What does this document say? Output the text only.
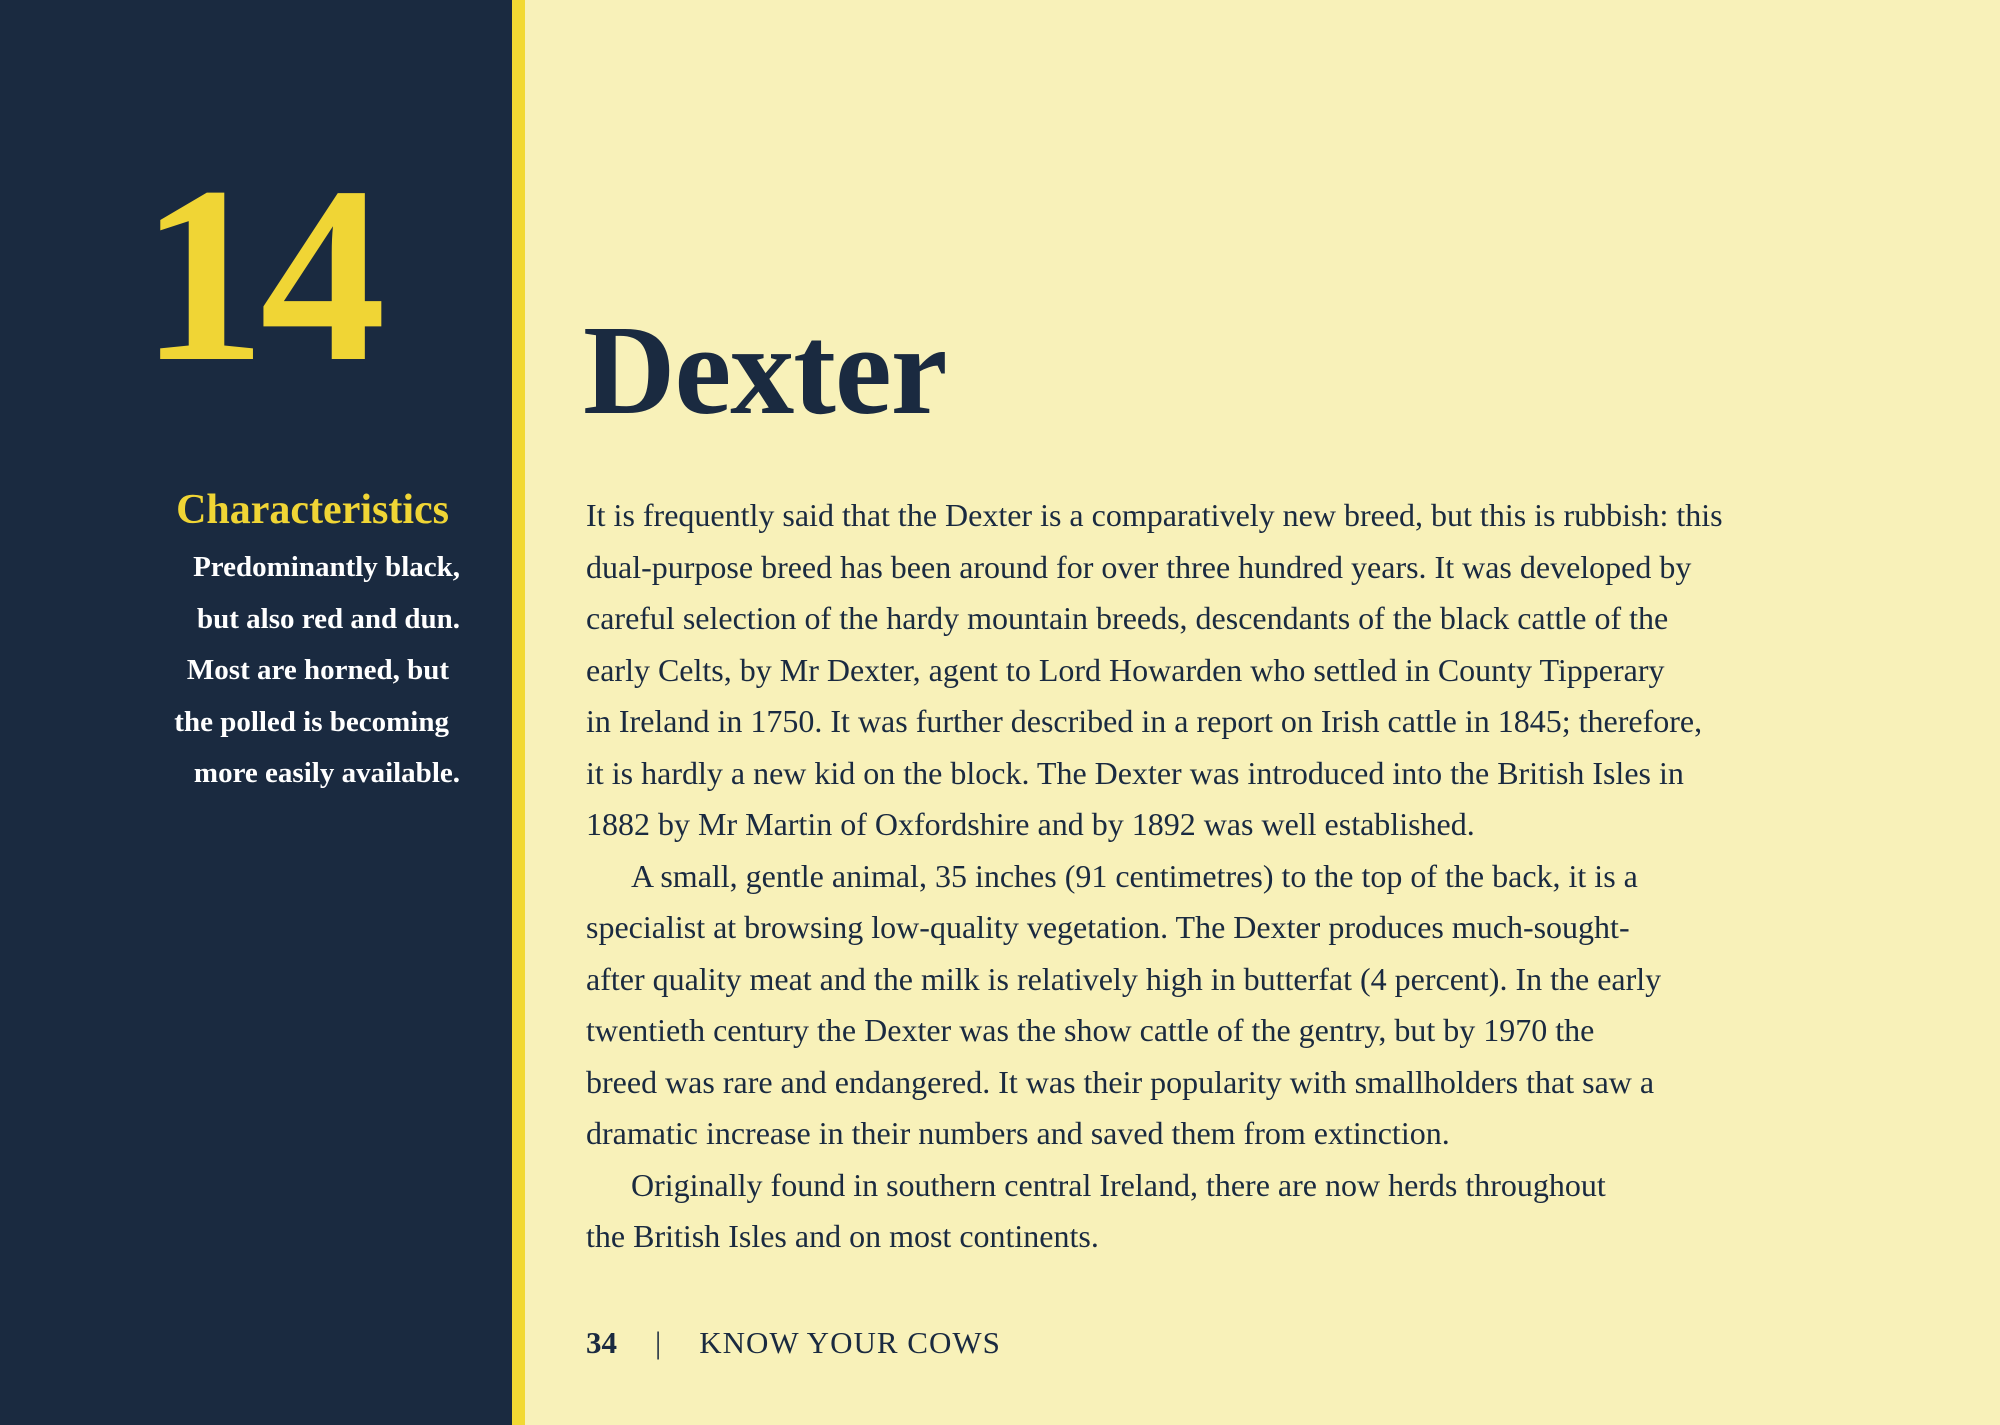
14
Characteristics
Predominantly black,
but also red and dun.
Most are horned, but
the polled is becoming
more easily available.
Dexter

It is frequently said that the Dexter is a comparatively new breed, but this is rubbish: this
dual-purpose breed has been around for over three hundred years. It was developed by
careful selection of the hardy mountain breeds, descendants of the black cattle of the
early Celts, by Mr Dexter, agent to Lord Howarden who settled in County Tipperary
in Ireland in 1750. It was further described in a report on Irish cattle in 1845; therefore,
it is hardly a new kid on the block. The Dexter was introduced into the British Isles in
1882 by Mr Martin of Oxfordshire and by 1892 was well established.

A small, gentle animal, 35 inches (91 centimetres) to the top of the back, it is a
specialist at browsing low-quality vegetation. The Dexter produces much-sought-
after quality meat and the milk is relatively high in butterfat (4 percent). In the early
twentieth century the Dexter was the show cattle of the gentry, but by 1970 the
breed was rare and endangered. It was their popularity with smallholders that saw a
dramatic increase in their numbers and saved them from extinction.

Originally found in southern central Ireland, there are now herds throughout
the British Isles and on most continents.

34 | KNOW YOUR COWS
